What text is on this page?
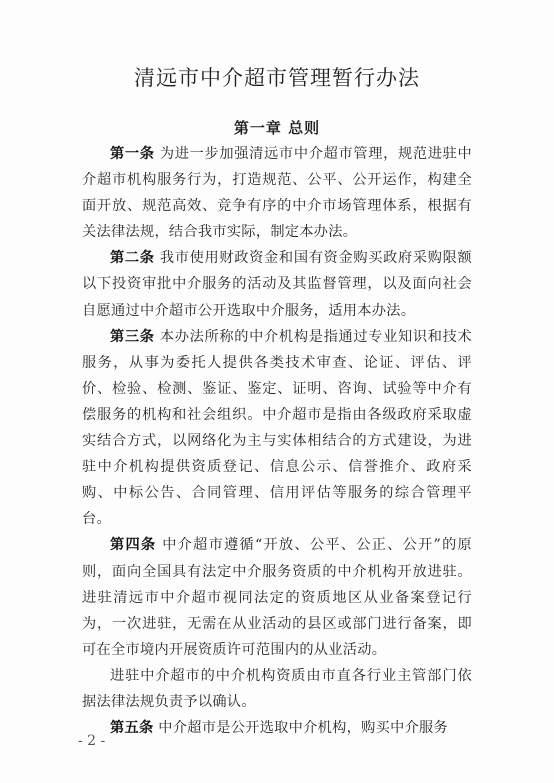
清远市中介超市管理暂行办法
第一章 总则

第一条 为进一步加强清远市中介超市管理，规范进驻中介超市机构服务行为，打造规范、公平、公开运作，构建全面开放、规范高效、竞争有序的中介市场管理体系，根据有关法律法规，结合我市实际，制定本办法。

第二条 我市使用财政资金和国有资金购买政府采购限额以下投资审批中介服务的活动及其监督管理，以及面向社会自愿通过中介超市公开选取中介服务，适用本办法。

第三条 本办法所称的中介机构是指通过专业知识和技术服务，从事为委托人提供各类技术审查、论证、评估、评价、检验、检测、鉴证、鉴定、证明、咨询、试验等中介有偿服务的机构和社会组织。中介超市是指由各级政府采取虚实结合方式，以网络化为主与实体相结合的方式建设，为进驻中介机构提供资质登记、信息公示、信誉推介、政府采购、中标公告、合同管理、信用评估等服务的综合管理平台。

第四条 中介超市遵循“开放、公平、公正、公开”的原则，面向全国具有法定中介服务资质的中介机构开放进驻。进驻清远市中介超市视同法定的资质地区从业备案登记行为，一次进驻，无需在从业活动的县区或部门进行备案，即可在全市境内开展资质许可范围内的从业活动。

进驻中介超市的中介机构资质由市直各行业主管部门依据法律法规负责予以确认。

第五条 中介超市是公开选取中介机构，购买中介服务

- 2 -
